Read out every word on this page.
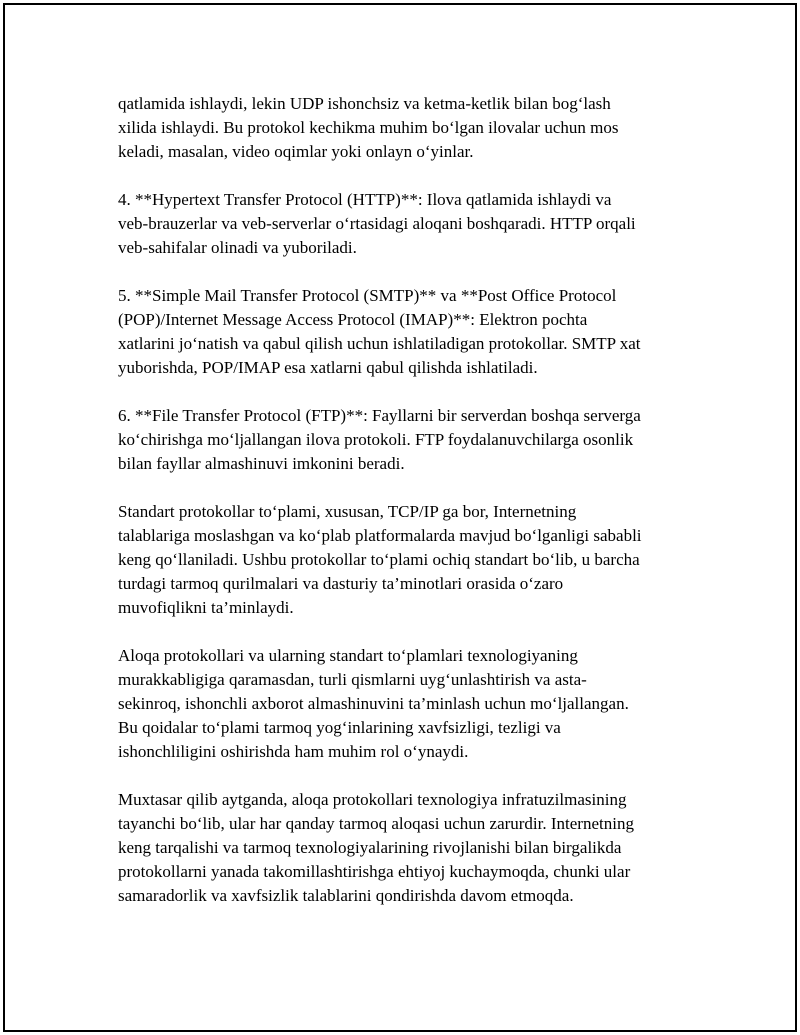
qatlamida ishlaydi, lekin UDP ishonchsiz va ketma-ketlik bilan bog‘lash
xilida ishlaydi. Bu protokol kechikma muhim bo‘lgan ilovalar uchun mos
keladi, masalan, video oqimlar yoki onlayn o‘yinlar.

4. **Hypertext Transfer Protocol (HTTP)**: Ilova qatlamida ishlaydi va
veb-brauzerlar va veb-serverlar o‘rtasidagi aloqani boshqaradi. HTTP orqali
veb-sahifalar olinadi va yuboriladi.

5. **Simple Mail Transfer Protocol (SMTP)** va **Post Office Protocol
(POP)/Internet Message Access Protocol (IMAP)**: Elektron pochta
xatlarini jo‘natish va qabul qilish uchun ishlatiladigan protokollar. SMTP xat
yuborishda, POP/IMAP esa xatlarni qabul qilishda ishlatiladi.

6. **File Transfer Protocol (FTP)**: Fayllarni bir serverdan boshqa serverga
ko‘chirishga mo‘ljallangan ilova protokoli. FTP foydalanuvchilarga osonlik
bilan fayllar almashinuvi imkonini beradi.

Standart protokollar to‘plami, xususan, TCP/IP ga bor, Internetning
talablariga moslashgan va ko‘plab platformalarda mavjud bo‘lganligi sababli
keng qo‘llaniladi. Ushbu protokollar to‘plami ochiq standart bo‘lib, u barcha
turdagi tarmoq qurilmalari va dasturiy ta’minotlari orasida o‘zaro
muvofiqlikni ta’minlaydi.

Aloqa protokollari va ularning standart to‘plamlari texnologiyaning
murakkabligiga qaramasdan, turli qismlarni uyg‘unlashtirish va asta-
sekinroq, ishonchli axborot almashinuvini ta’minlash uchun mo‘ljallangan.
Bu qoidalar to‘plami tarmoq yog‘inlarining xavfsizligi, tezligi va
ishonchliligini oshirishda ham muhim rol o‘ynaydi.

Muxtasar qilib aytganda, aloqa protokollari texnologiya infratuzilmasining
tayanchi bo‘lib, ular har qanday tarmoq aloqasi uchun zarurdir. Internetning
keng tarqalishi va tarmoq texnologiyalarining rivojlanishi bilan birgalikda
protokollarni yanada takomillashtirishga ehtiyoj kuchaymoqda, chunki ular
samaradorlik va xavfsizlik talablarini qondirishda davom etmoqda.
